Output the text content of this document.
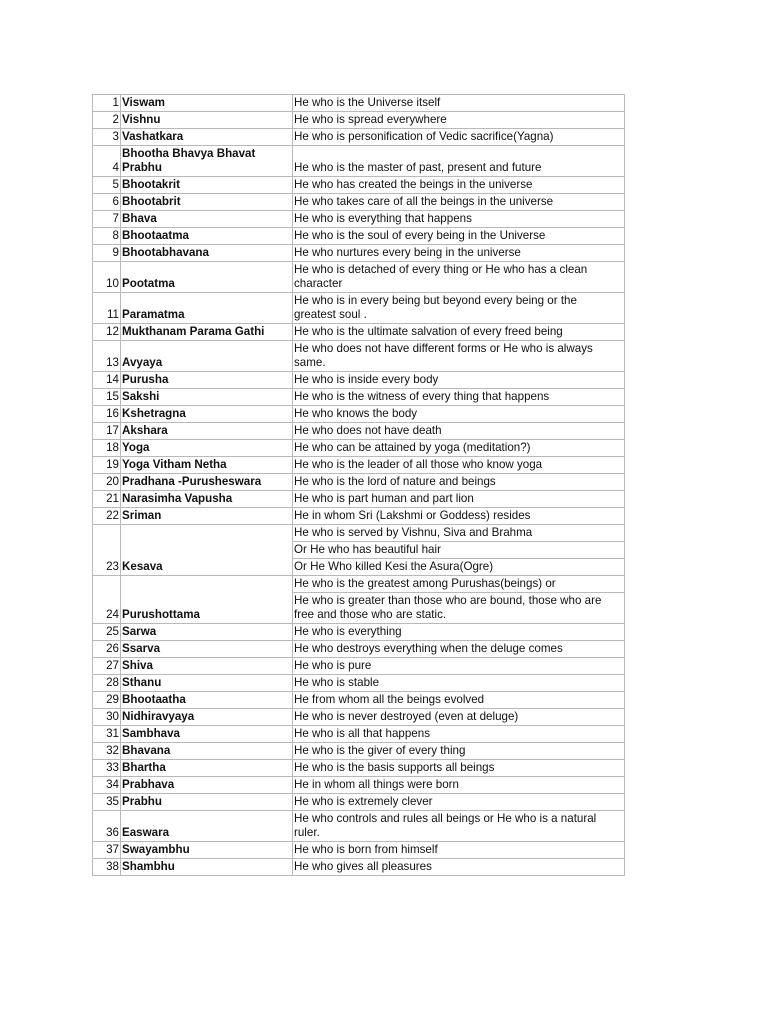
1	Viswam	He who is the Universe itself

2	Vishnu	He who is spread everywhere

3	Vashatkara	He who is personification of Vedic sacrifice(Yagna)

4	Bhootha Bhavya Bhavat Prabhu	He who is the master of past, present and future

5	Bhootakrit	He who has created the beings in the universe

6	Bhootabrit	He who takes care of all the beings in the universe

7	Bhava	He who is everything that happens

8	Bhootaatma	He who is the soul of every being in the Universe

9	Bhootabhavana	He who nurtures every being in the universe

10	Pootatma	He who is detached of every thing or He who has a clean character

11	Paramatma	He who is in every being but beyond every being or the greatest soul .

12	Mukthanam Parama Gathi	He who is the ultimate salvation of every freed being

13	Avyaya	He who does not have different forms or He who is always same.

14	Purusha	He who is inside every body

15	Sakshi	He who is the witness of every thing that happens

16	Kshetragna	He who knows the body

17	Akshara	He who does not have death

18	Yoga	He who can be attained by yoga (meditation?)

19	Yoga Vitham Netha	He who is the leader of all those who know yoga

20	Pradhana -Purusheswara	He who is the lord of nature and beings

21	Narasimha Vapusha	He who is part human and part lion

22	Sriman	He in whom Sri (Lakshmi or Goddess) resides

23	Kesava	He who is served by Vishnu, Siva and Brahma
Or He who has beautiful hair
Or He Who killed Kesi the Asura(Ogre)

24	Purushottama	He who is the greatest among Purushas(beings) or
He who is greater than those who are bound, those who are free and those who are static.

25	Sarwa	He who is everything

26	Ssarva	He who destroys everything when the deluge comes

27	Shiva	He who is pure

28	Sthanu	He who is stable

29	Bhootaatha	He from whom all the beings evolved

30	Nidhiravyaya	He who is never destroyed (even at deluge)

31	Sambhava	He who is all that happens

32	Bhavana	He who is the giver of every thing

33	Bhartha	He who is the basis supports all beings

34	Prabhava	He in whom all things were born

35	Prabhu	He who is extremely clever

36	Easwara	He who controls and rules all beings or He who is a natural ruler.

37	Swayambhu	He who is born from himself

38	Shambhu	He who gives all pleasures
